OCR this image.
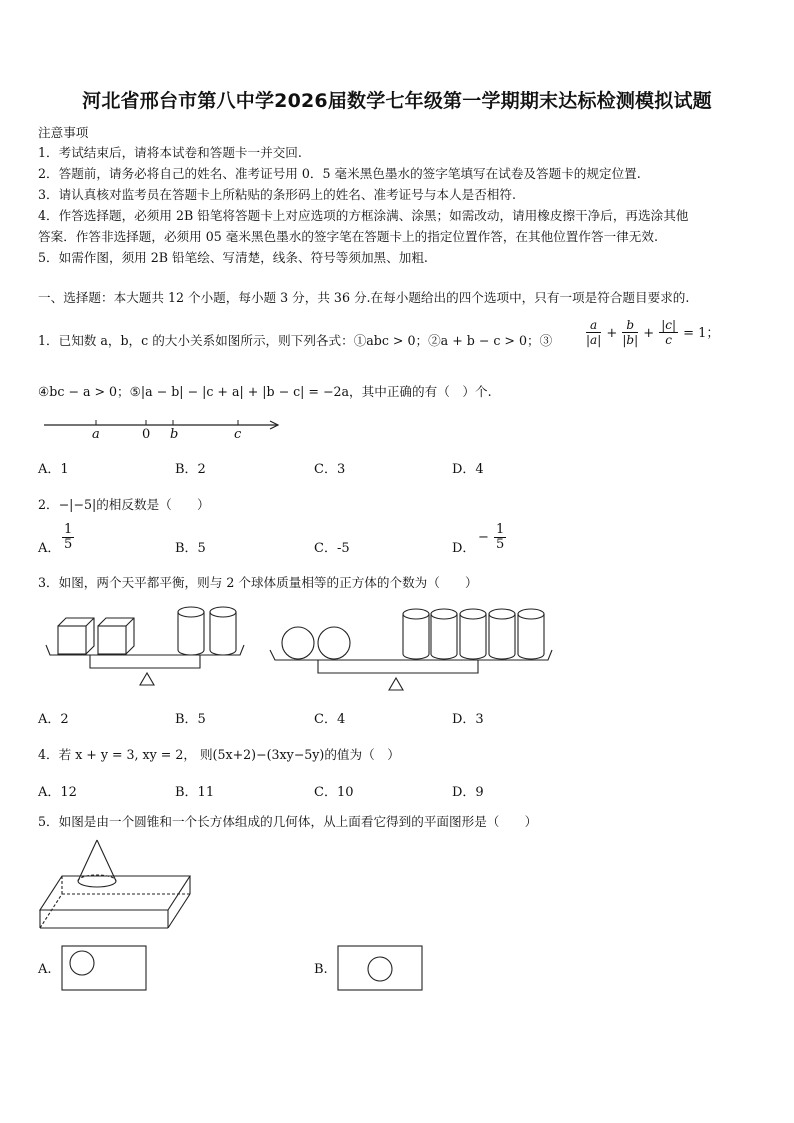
河北省邢台市第八中学2026届数学七年级第一学期期末达标检测模拟试题
注意事项
1．考试结束后，请将本试卷和答题卡一并交回.
2．答题前，请务必将自己的姓名、准考证号用 0．5 毫米黑色墨水的签字笔填写在试卷及答题卡的规定位置.
3．请认真核对监考员在答题卡上所粘贴的条形码上的姓名、准考证号与本人是否相符.
4．作答选择题，必须用 2B 铅笔将答题卡上对应选项的方框涂满、涂黑；如需改动，请用橡皮擦干净后，再选涂其他
答案．作答非选择题，必须用 05 毫米黑色墨水的签字笔在答题卡上的指定位置作答，在其他位置作答一律无效.
5．如需作图，须用 2B 铅笔绘、写清楚，线条、符号等须加黑、加粗.
一、选择题：本大题共 12 个小题，每小题 3 分，共 36 分.在每小题给出的四个选项中，只有一项是符合题目要求的.
1．已知数 a，b，c 的大小关系如图所示，则下列各式：①abc > 0；②a + b − c > 0；③	$\frac{a}{|a|} + \frac{b}{|b|} + \frac{|c|}{c} = 1$；
④bc − a > 0；⑤|a − b| − |c + a| + |b − c| = −2a，其中正确的有（　）个.
a	0 b	c
A．1	B．2	C．3	D．4
2．−|−5|的相反数是（　　）
A． $\frac{1}{5}$	B．5	C．-5	D．
− $\frac{1}{5}$
3．如图，两个天平都平衡，则与 2 个球体质量相等的正方体的个数为（　　）
A．2	B．5	C．4	D．3
4．若 x + y = 3, xy = 2， 则(5x+2)−(3xy−5y)的值为（　）
A．12	B．11	C．10	D．9
5．如图是由一个圆锥和一个长方体组成的几何体，从上面看它得到的平面图形是（　　）
A.	B.
